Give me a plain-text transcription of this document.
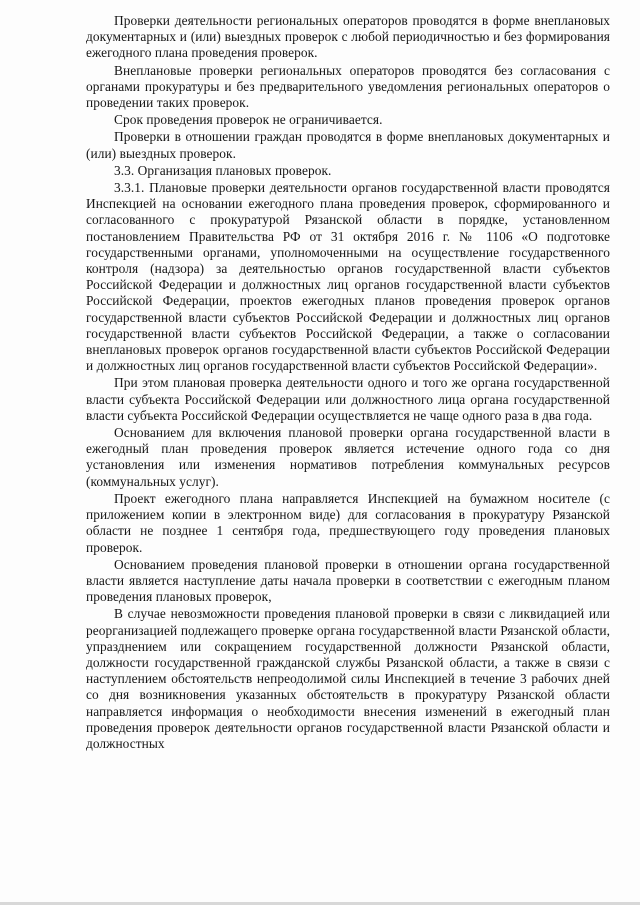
Проверки деятельности региональных операторов проводятся в форме внеплановых документарных и (или) выездных проверок с любой периодичностью и без формирования ежегодного плана проведения проверок.

Внеплановые проверки региональных операторов проводятся без согласования с органами прокуратуры и без предварительного уведомления региональных операторов о проведении таких проверок.

Срок проведения проверок не ограничивается.

Проверки в отношении граждан проводятся в форме внеплановых документарных и (или) выездных проверок.

3.3. Организация плановых проверок.

3.3.1. Плановые проверки деятельности органов государственной власти проводятся Инспекцией на основании ежегодного плана проведения проверок, сформированного и согласованного с прокуратурой Рязанской области в порядке, установленном постановлением Правительства РФ от 31 октября 2016 г. № 1106 «О подготовке государственными органами, уполномоченными на осуществление государственного контроля (надзора) за деятельностью органов государственной власти субъектов Российской Федерации и должностных лиц органов государственной власти субъектов Российской Федерации, проектов ежегодных планов проведения проверок органов государственной власти субъектов Российской Федерации и должностных лиц органов государственной власти субъектов Российской Федерации, а также о согласовании внеплановых проверок органов государственной власти субъектов Российской Федерации и должностных лиц органов государственной власти субъектов Российской Федерации».

При этом плановая проверка деятельности одного и того же органа государственной власти субъекта Российской Федерации или должностного лица органа государственной власти субъекта Российской Федерации осуществляется не чаще одного раза в два года.

Основанием для включения плановой проверки органа государственной власти в ежегодный план проведения проверок является истечение одного года со дня установления или изменения нормативов потребления коммунальных ресурсов (коммунальных услуг).

Проект ежегодного плана направляется Инспекцией на бумажном носителе (с приложением копии в электронном виде) для согласования в прокуратуру Рязанской области не позднее 1 сентября года, предшествующего году проведения плановых проверок.

Основанием проведения плановой проверки в отношении органа государственной власти является наступление даты начала проверки в соответствии с ежегодным планом проведения плановых проверок,

В случае невозможности проведения плановой проверки в связи с ликвидацией или реорганизацией подлежащего проверке органа государственной власти Рязанской области, упразднением или сокращением государственной должности Рязанской области, должности государственной гражданской службы Рязанской области, а также в связи с наступлением обстоятельств непреодолимой силы Инспекцией в течение 3 рабочих дней со дня возникновения указанных обстоятельств в прокуратуру Рязанской области направляется информация о необходимости внесения изменений в ежегодный план проведения проверок деятельности органов государственной власти Рязанской области и должностных
